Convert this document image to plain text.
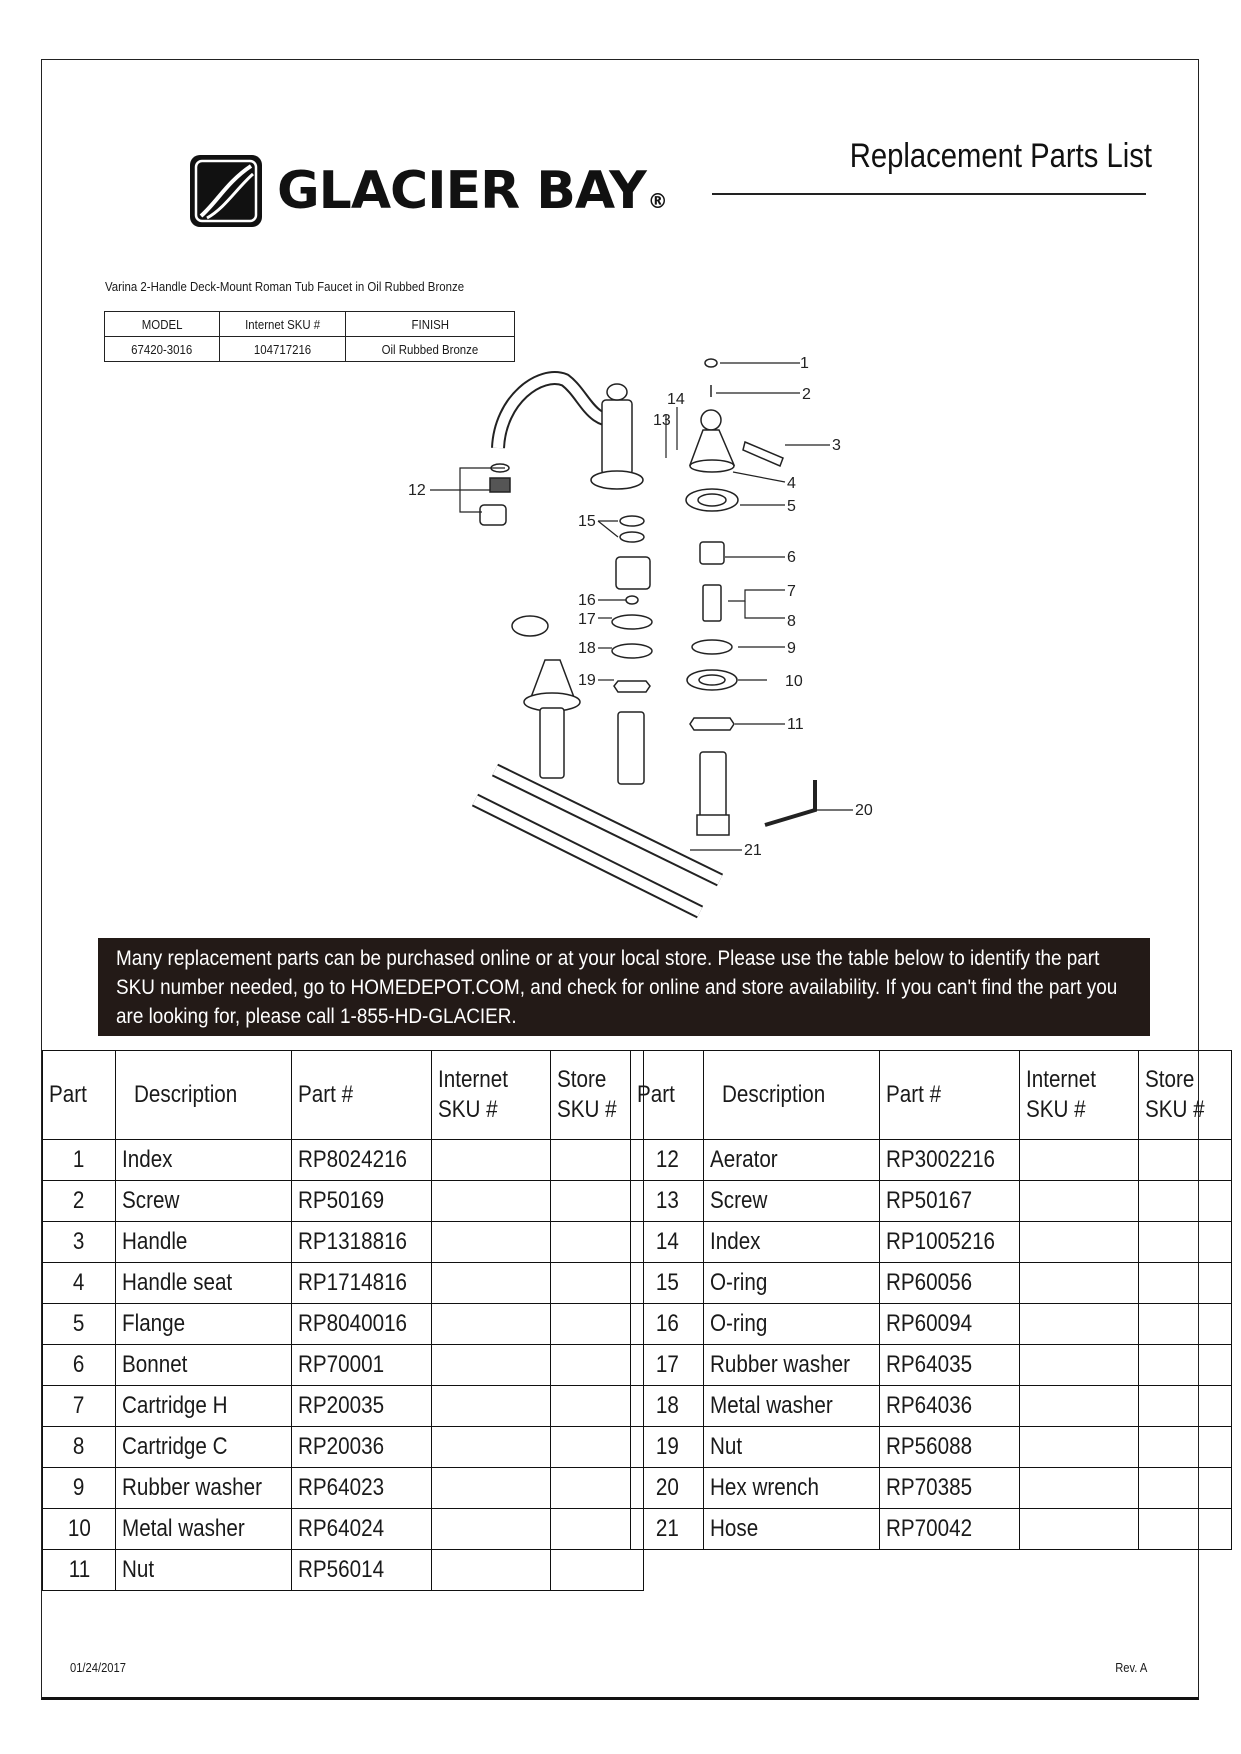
GLACIER BAY ®
Replacement Parts List
Varina 2-Handle Deck-Mount Roman Tub Faucet in Oil Rubbed Bronze
MODEL	Internet SKU #	FINISH
67420-3016	104717216	Oil Rubbed Bronze
1
2
3
4
5
6
7
8
9
10
11
12
13
14
15
16
17
18
19
20
21
Many replacement parts can be purchased online or at your local store. Please use the table below to identify the part SKU number needed, go to HOMEDEPOT.COM, and check for online and store availability. If you can't find the part you are looking for, please call 1-855-HD-GLACIER.
Part	Description	Part #	Internet SKU #	Store SKU #
1	Index	RP8024216		
2	Screw	RP50169		
3	Handle	RP1318816		
4	Handle seat	RP1714816		
5	Flange	RP8040016		
6	Bonnet	RP70001		
7	Cartridge H	RP20035		
8	Cartridge C	RP20036		
9	Rubber washer	RP64023		
10	Metal washer	RP64024		
11	Nut	RP56014		
Part	Description	Part #	Internet SKU #	Store SKU #
12	Aerator	RP3002216		
13	Screw	RP50167		
14	Index	RP1005216		
15	O-ring	RP60056		
16	O-ring	RP60094		
17	Rubber washer	RP64035		
18	Metal washer	RP64036		
19	Nut	RP56088		
20	Hex wrench	RP70385		
21	Hose	RP70042		
01/24/2017	Rev. A
